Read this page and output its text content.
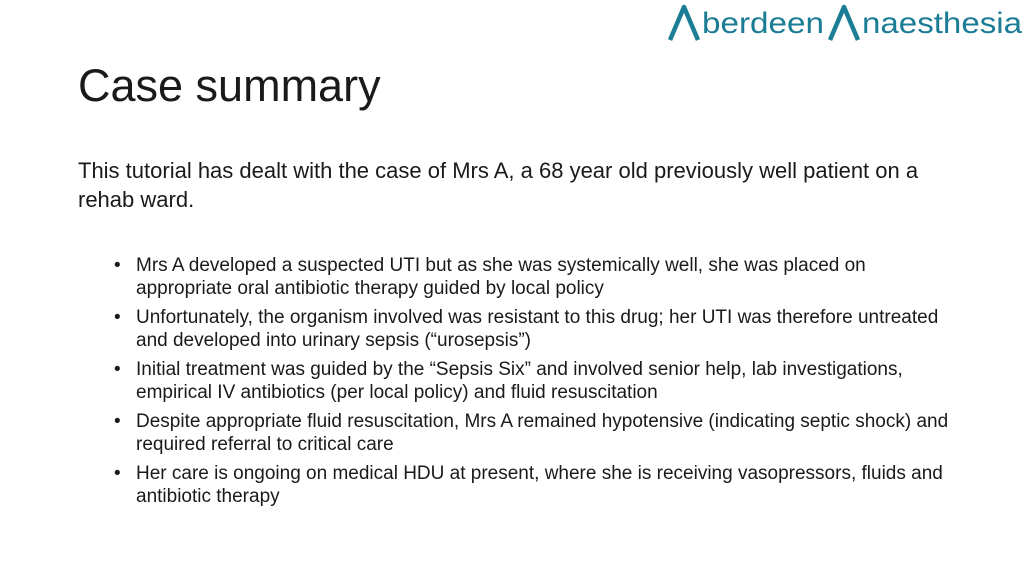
berdeen naesthesia
Case summary

This tutorial has dealt with the case of Mrs A, a 68 year old previously well patient on a rehab ward.

• Mrs A developed a suspected UTI but as she was systemically well, she was placed on appropriate oral antibiotic therapy guided by local policy
• Unfortunately, the organism involved was resistant to this drug; her UTI was therefore untreated and developed into urinary sepsis (“urosepsis”)
• Initial treatment was guided by the “Sepsis Six” and involved senior help, lab investigations, empirical IV antibiotics (per local policy) and fluid resuscitation
• Despite appropriate fluid resuscitation, Mrs A remained hypotensive (indicating septic shock) and required referral to critical care
• Her care is ongoing on medical HDU at present, where she is receiving vasopressors, fluids and antibiotic therapy
